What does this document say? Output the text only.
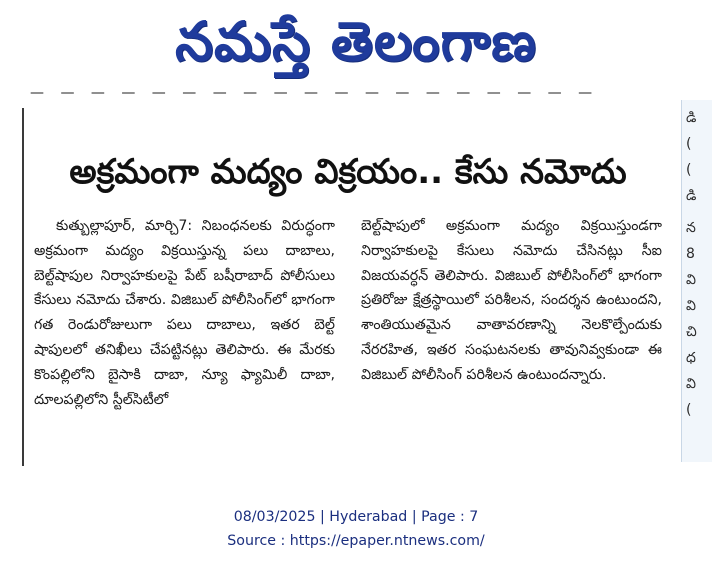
నమస్తే తెలంగాణ
— — — — — — — — — — — — — — — — — — —
అక్రమంగా మద్యం విక్రయం.. కేసు నమోదు

కుత్బుల్లాపూర్‌, మార్చి7: నిబంధనలకు విరుద్ధంగా అక్రమంగా మద్యం విక్రయిస్తున్న పలు దాబాలు, బెల్ట్‌షాపుల నిర్వాహకులపై పేట్‌ బషీరాబాద్‌ పోలీసులు కేసులు నమోదు చేశారు. విజిబుల్‌ పోలీసింగ్‌లో భాగంగా గత రెండురోజులుగా పలు దాబాలు, ఇతర బెల్ట్‌ షాపులలో తనిఖీలు చేపట్టినట్లు తెలిపారు. ఈ మేరకు కొంపల్లిలోని బైసాకి దాబా, న్యూ ఫ్యామిలీ దాబా, దూలపల్లిలోని స్టీల్‌సిటీలో

బెల్ట్‌షాపులో అక్రమంగా మద్యం విక్రయిస్తుండగా నిర్వాహకులపై కేసులు నమోదు చేసినట్లు సీఐ విజయవర్ధన్‌ తెలిపారు. విజిబుల్‌ పోలీసింగ్‌లో భాగంగా ప్రతిరోజు క్షేత్రస్థాయిలో పరిశీలన, సందర్శన ఉంటుందని, శాంతియుతమైన వాతావరణాన్ని నెలకొల్పేందుకు నేరరహిత, ఇతర సంఘటనలకు తావునివ్వకుండా ఈ విజిబుల్‌ పోలీసింగ్‌ పరిశీలన ఉంటుందన్నారు.

డి
(
(
డి
న
8
వి
వి
చి
ధ
వి
(
08/03/2025 | Hyderabad | Page : 7
Source : https://epaper.ntnews.com/
